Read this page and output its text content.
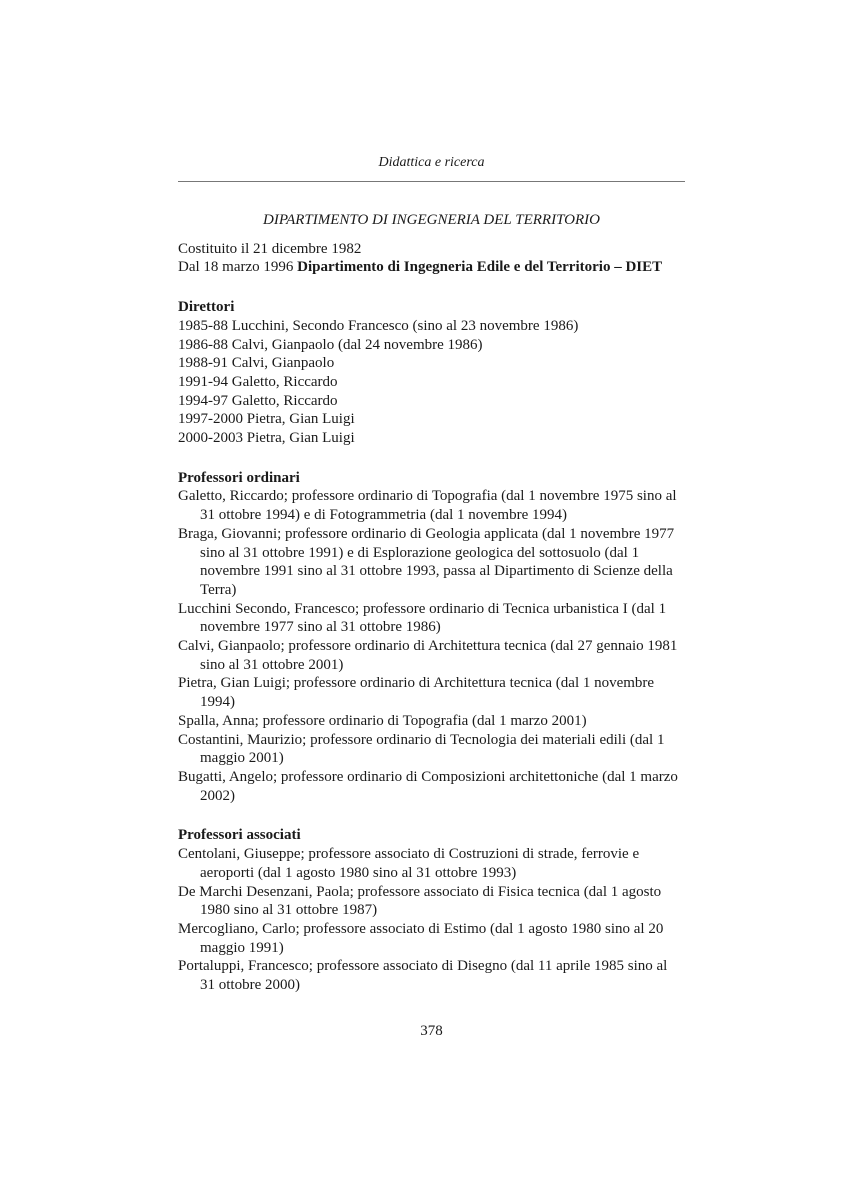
Didattica e ricerca

DIPARTIMENTO DI INGEGNERIA DEL TERRITORIO

Costituito il 21 dicembre 1982

Dal 18 marzo 1996 Dipartimento di Ingegneria Edile e del Territorio – DIET

Direttori

1985-88 Lucchini, Secondo Francesco (sino al 23 novembre 1986)

1986-88 Calvi, Gianpaolo (dal 24 novembre 1986)

1988-91 Calvi, Gianpaolo

1991-94 Galetto, Riccardo

1994-97 Galetto, Riccardo

1997-2000 Pietra, Gian Luigi

2000-2003 Pietra, Gian Luigi

Professori ordinari

Galetto, Riccardo; professore ordinario di Topografia (dal 1 novembre 1975 sino al 31 ottobre 1994) e di Fotogrammetria (dal 1 novembre 1994)

Braga, Giovanni; professore ordinario di Geologia applicata (dal 1 novembre 1977 sino al 31 ottobre 1991) e di Esplorazione geologica del sottosuolo (dal 1 novembre 1991 sino al 31 ottobre 1993, passa al Dipartimento di Scienze della Terra)

Lucchini Secondo, Francesco; professore ordinario di Tecnica urbanistica I (dal 1 novembre 1977 sino al 31 ottobre 1986)

Calvi, Gianpaolo; professore ordinario di Architettura tecnica (dal 27 gennaio 1981 sino al 31 ottobre 2001)

Pietra, Gian Luigi; professore ordinario di Architettura tecnica (dal 1 novembre 1994)

Spalla, Anna; professore ordinario di Topografia (dal 1 marzo 2001)

Costantini, Maurizio; professore ordinario di Tecnologia dei materiali edili (dal 1 maggio 2001)

Bugatti, Angelo; professore ordinario di Composizioni architettoniche (dal 1 marzo 2002)

Professori associati

Centolani, Giuseppe; professore associato di Costruzioni di strade, ferrovie e aeroporti (dal 1 agosto 1980 sino al 31 ottobre 1993)

De Marchi Desenzani, Paola; professore associato di Fisica tecnica (dal 1 agosto 1980 sino al 31 ottobre 1987)

Mercogliano, Carlo; professore associato di Estimo (dal 1 agosto 1980 sino al 20 maggio 1991)

Portaluppi, Francesco; professore associato di Disegno (dal 11 aprile 1985 sino al 31 ottobre 2000)

378
